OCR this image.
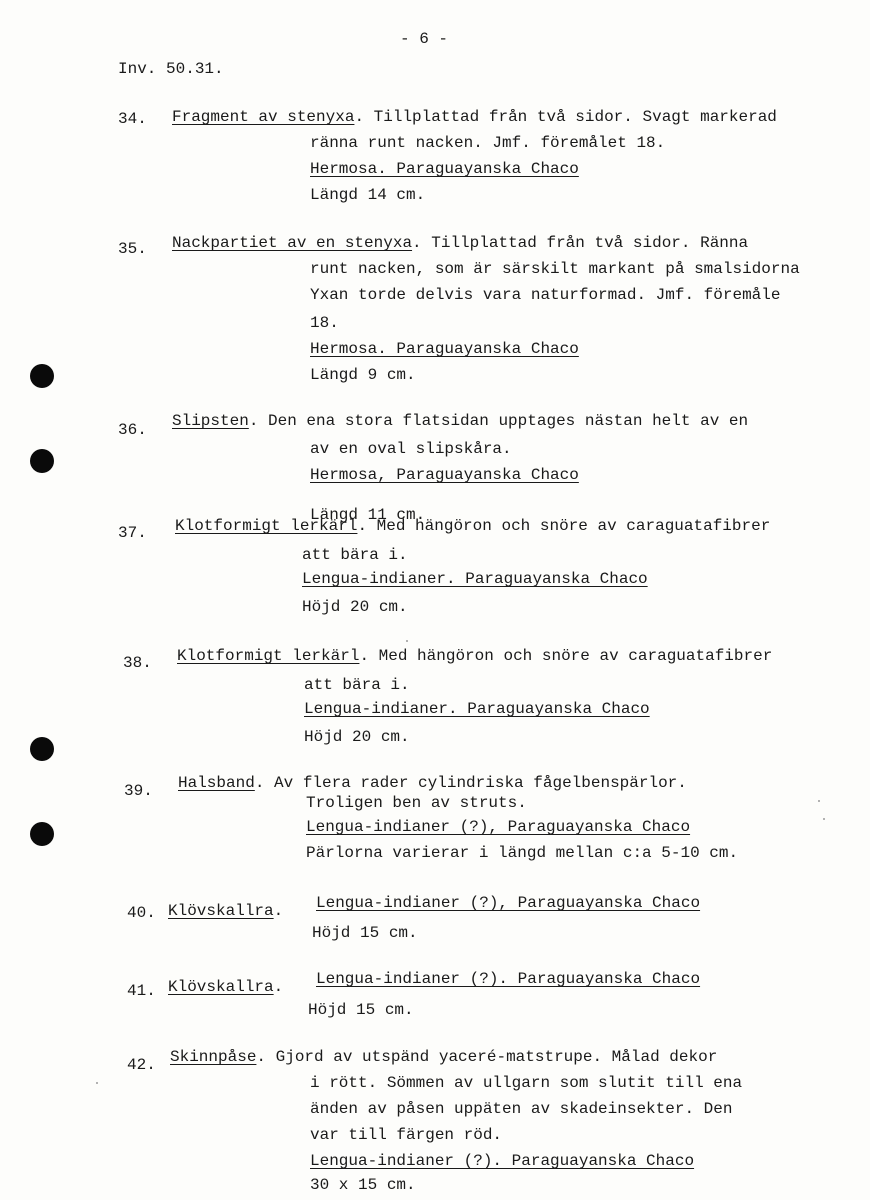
- 6 -
Inv. 50.31.
34. Fragment av stenyxa. Tillplattad från två sidor. Svagt markerad
ränna runt nacken. Jmf. föremålet 18.
Hermosa. Paraguayanska Chaco
Längd 14 cm.
35. Nackpartiet av en stenyxa. Tillplattad från två sidor. Ränna
runt nacken, som är särskilt markant på smalsidorna
Yxan torde delvis vara naturformad. Jmf. föremåle
18.
Hermosa. Paraguayanska Chaco
Längd 9 cm.
36. Slipsten. Den ena stora flatsidan upptages nästan helt av en
av en oval slipskåra.
Hermosa, Paraguayanska Chaco
Längd 11 cm.
37. Klotformigt lerkärl. Med hängöron och snöre av caraguatafibrer
att bära i.
Lengua-indianer. Paraguayanska Chaco
Höjd 20 cm.
38. Klotformigt lerkärl. Med hängöron och snöre av caraguatafibrer
att bära i.
Lengua-indianer. Paraguayanska Chaco
Höjd 20 cm.
39. Halsband. Av flera rader cylindriska fågelbenspärlor.
Troligen ben av struts.
Lengua-indianer (?), Paraguayanska Chaco
Pärlorna varierar i längd mellan c:a 5-10 cm.
40. Klövskallra. Lengua-indianer (?), Paraguayanska Chaco
Höjd 15 cm.
41. Klövskallra. Lengua-indianer (?). Paraguayanska Chaco
Höjd 15 cm.
42. Skinnpåse. Gjord av utspänd yaceré-matstrupe. Målad dekor
i rött. Sömmen av ullgarn som slutit till ena
änden av påsen uppäten av skadeinsekter. Den
var till färgen röd.
Lengua-indianer (?). Paraguayanska Chaco
30 x 15 cm.
